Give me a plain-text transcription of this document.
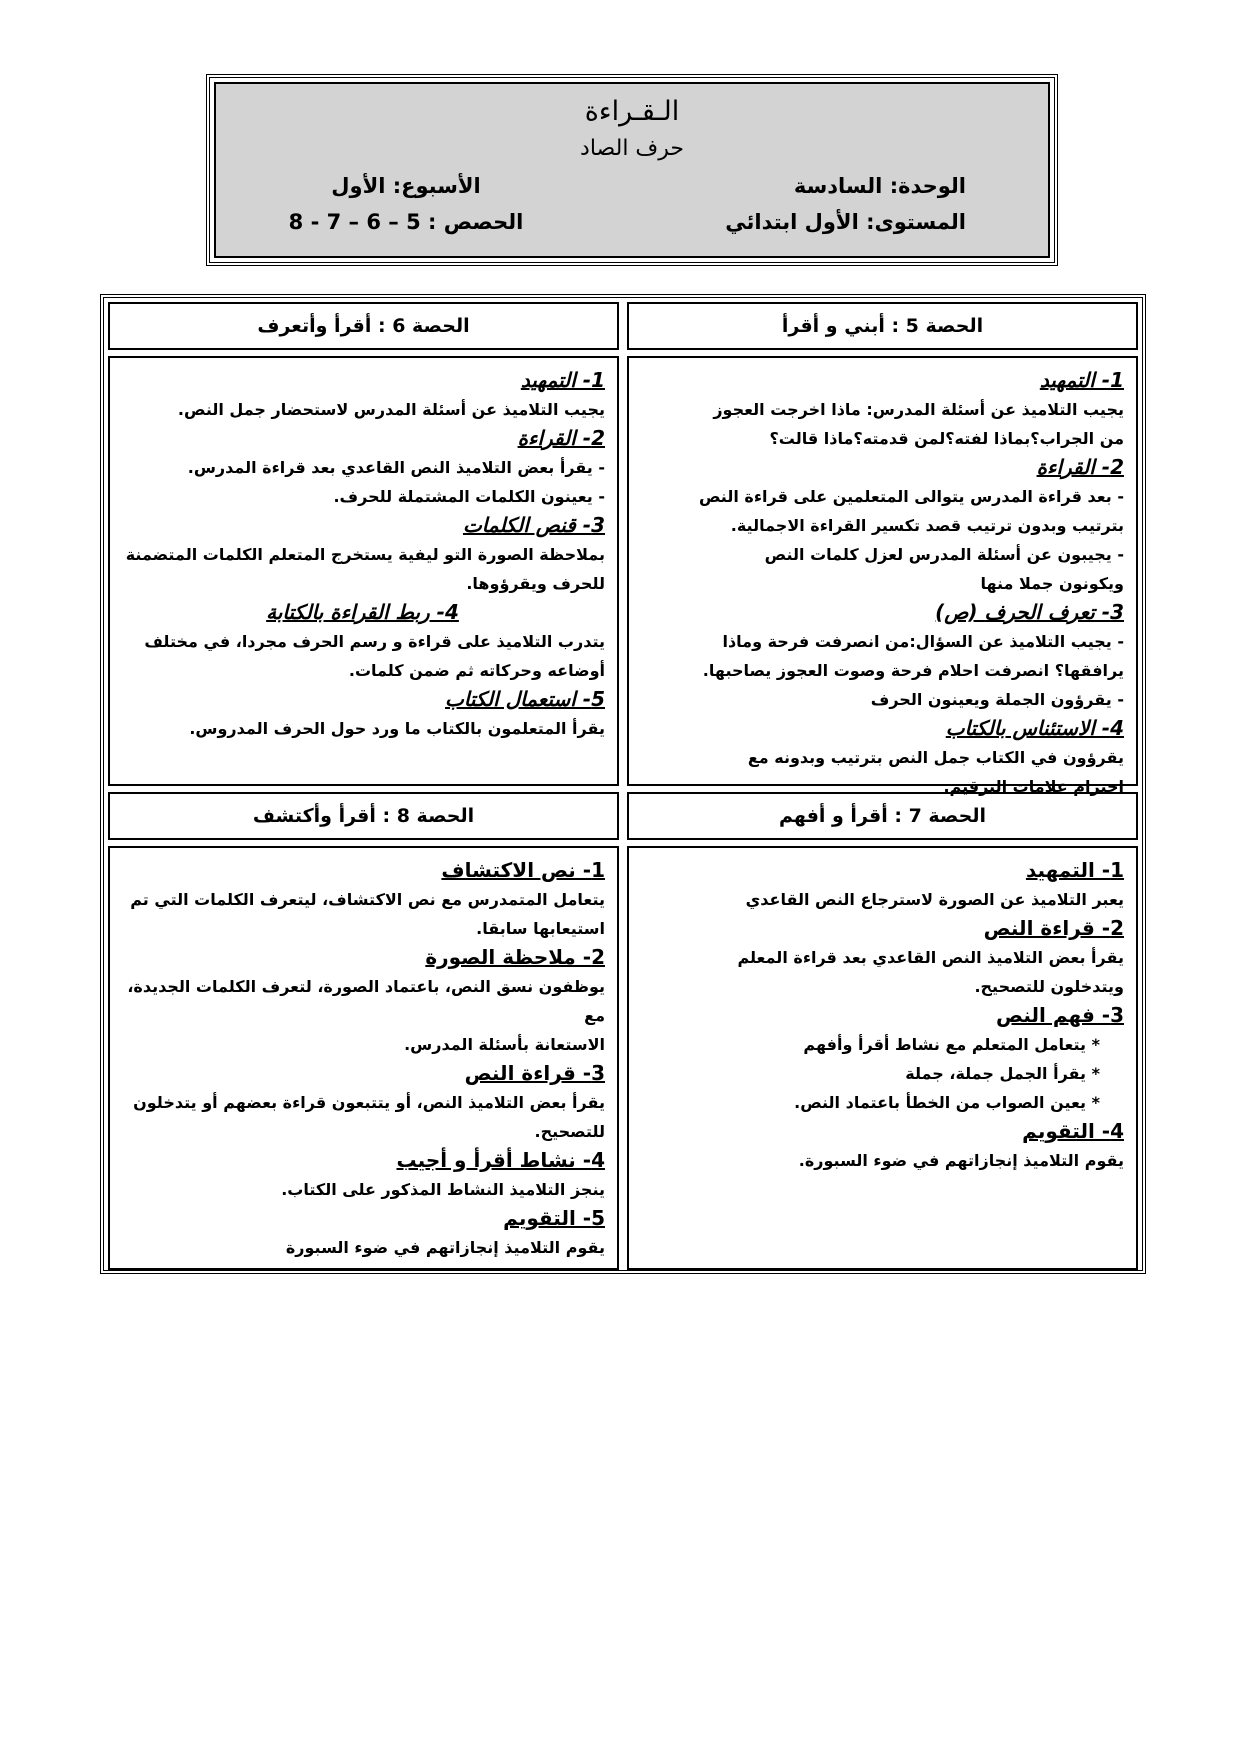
الـقـراءة
حرف الصاد
الوحدة: السادسة
الأسبوع: الأول
المستوى: الأول ابتدائي
الحصص : 5 – 6 – 7 - 8
الحصة 5 : أبني و أقرأ
الحصة 6 : أقرأ وأتعرف
1- التمهيد
يجيب التلاميذ عن أسئلة المدرس: ماذا اخرجت العجوز
من الجراب؟بماذا لفته؟لمن قدمته؟ماذا قالت؟
2- القراءة
- بعد قراءة المدرس يتوالى المتعلمين على قراءة النص
بترتيب وبدون ترتيب قصد تكسير القراءة الاجمالية.
- يجيبون عن أسئلة المدرس لعزل كلمات النص
ويكونون جملا منها
3- تعرف الحرف (ص)
- يجيب التلاميذ عن السؤال:من انصرفت فرحة وماذا
يرافقها؟ انصرفت احلام فرحة وصوت العجوز يصاحبها.
- يقرؤون الجملة ويعينون الحرف
4- الاستئناس بالكتاب
يقرؤون في الكتاب جمل النص بترتيب وبدونه مع
احترام علامات الترقيم.
1- التمهيد
يجيب التلاميذ عن أسئلة المدرس لاستحضار جمل النص.
2- القراءة
- يقرأ بعض التلاميذ النص القاعدي بعد قراءة المدرس.
- يعينون الكلمات المشتملة للحرف.
3- قنص الكلمات
بملاحظة الصورة التو ليفية يستخرج المتعلم الكلمات المتضمنة
للحرف ويقرؤوها.
4- ربط القراءة بالكتابة
يتدرب التلاميذ على قراءة و رسم الحرف مجردا، في مختلف
أوضاعه وحركاته ثم ضمن كلمات.
5- استعمال الكتاب
يقرأ المتعلمون بالكتاب ما ورد حول الحرف المدروس.
الحصة 7 : أقرأ و أفهم
الحصة 8 : أقرأ وأكتشف
1- التمهيد
يعبر التلاميذ عن الصورة لاسترجاع النص القاعدي
2- قراءة النص
يقرأ بعض التلاميذ النص القاعدي بعد قراءة المعلم
ويتدخلون للتصحيح.
3- فهم النص
* يتعامل المتعلم مع نشاط أقرأ وأفهم
* يقرأ الجمل جملة، جملة
* يعين الصواب من الخطأ باعتماد النص.
4- التقويم
يقوم التلاميذ إنجازاتهم في ضوء السبورة.
1- نص الاكتشاف
يتعامل المتمدرس مع نص الاكتشاف، ليتعرف الكلمات التي تم
استيعابها سابقا.
2- ملاحظة الصورة
يوظفون نسق النص، باعتماد الصورة، لتعرف الكلمات الجديدة، مع
الاستعانة بأسئلة المدرس.
3- قراءة النص
يقرأ بعض التلاميذ النص، أو يتتبعون قراءة بعضهم أو يتدخلون
للتصحيح.
4- نشاط أقرأ و أجيب
ينجز التلاميذ النشاط المذكور على الكتاب.
5- التقويم
يقوم التلاميذ إنجازاتهم في ضوء السبورة
